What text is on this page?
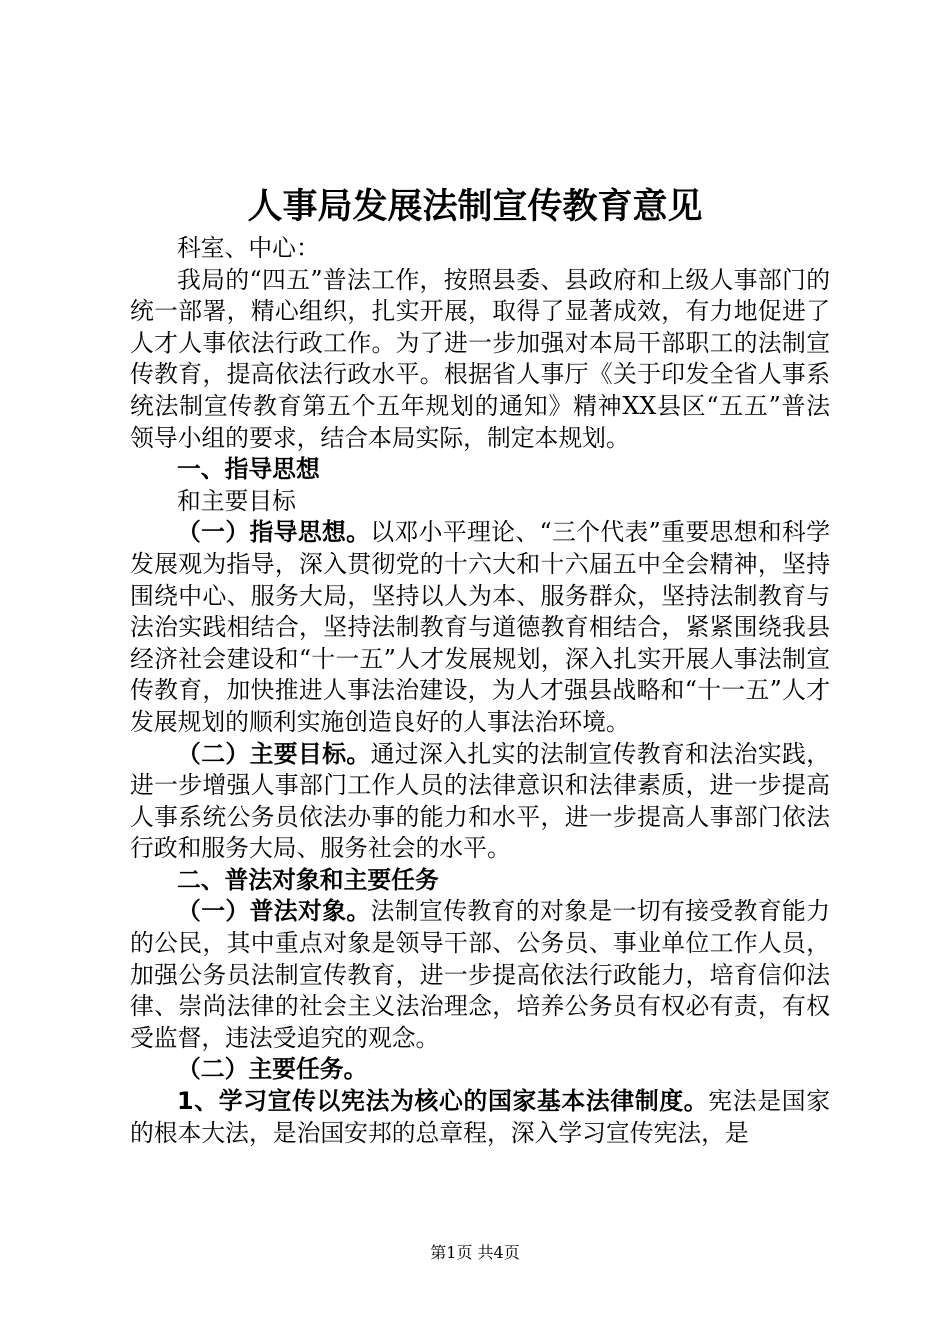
人事局发展法制宣传教育意见

科室、中心：

我局的“四五”普法工作，按照县委、县政府和上级人事部门的统一部署，精心组织，扎实开展，取得了显著成效，有力地促进了人才人事依法行政工作。为了进一步加强对本局干部职工的法制宣传教育，提高依法行政水平。根据省人事厅《关于印发全省人事系统法制宣传教育第五个五年规划的通知》精神XX县区“五五”普法领导小组的要求，结合本局实际，制定本规划。

一、指导思想

和主要目标

（一）指导思想。以邓小平理论、“三个代表”重要思想和科学发展观为指导，深入贯彻党的十六大和十六届五中全会精神，坚持围绕中心、服务大局，坚持以人为本、服务群众，坚持法制教育与法治实践相结合，坚持法制教育与道德教育相结合，紧紧围绕我县经济社会建设和“十一五”人才发展规划，深入扎实开展人事法制宣传教育，加快推进人事法治建设，为人才强县战略和“十一五”人才发展规划的顺利实施创造良好的人事法治环境。

（二）主要目标。通过深入扎实的法制宣传教育和法治实践，进一步增强人事部门工作人员的法律意识和法律素质，进一步提高人事系统公务员依法办事的能力和水平，进一步提高人事部门依法行政和服务大局、服务社会的水平。

二、普法对象和主要任务

（一）普法对象。法制宣传教育的对象是一切有接受教育能力的公民，其中重点对象是领导干部、公务员、事业单位工作人员，加强公务员法制宣传教育，进一步提高依法行政能力，培育信仰法律、崇尚法律的社会主义法治理念，培养公务员有权必有责，有权受监督，违法受追究的观念。

（二）主要任务。

1、学习宣传以宪法为核心的国家基本法律制度。宪法是国家的根本大法，是治国安邦的总章程，深入学习宣传宪法，是

第1页 共4页
